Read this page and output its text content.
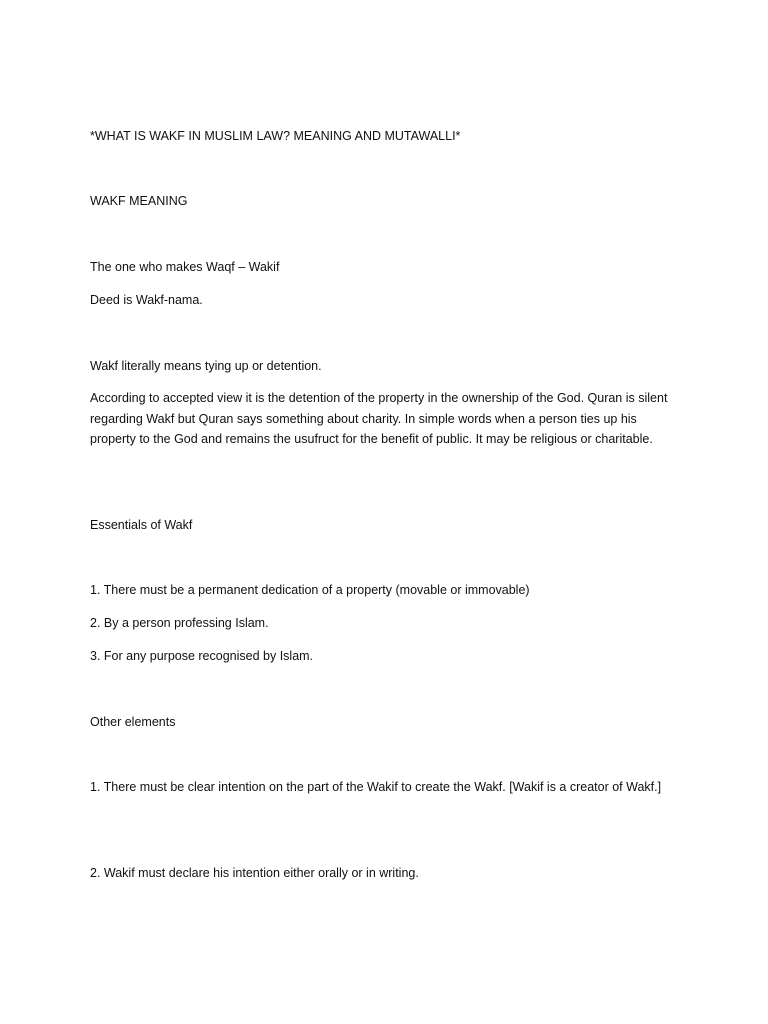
*WHAT IS WAKF IN MUSLIM LAW? MEANING AND MUTAWALLI*

WAKF MEANING

The one who makes Waqf – Wakif

Deed is Wakf-nama.

Wakf literally means tying up or detention.

According to accepted view it is the detention of the property in the ownership of the God. Quran is silent regarding Wakf but Quran says something about charity. In simple words when a person ties up his property to the God and remains the usufruct for the benefit of public. It may be religious or charitable.

Essentials of Wakf

1. There must be a permanent dedication of a property (movable or immovable)

2. By a person professing Islam.

3. For any purpose recognised by Islam.

Other elements

1. There must be clear intention on the part of the Wakif to create the Wakf. [Wakif is a creator of Wakf.]

2. Wakif must declare his intention either orally or in writing.
